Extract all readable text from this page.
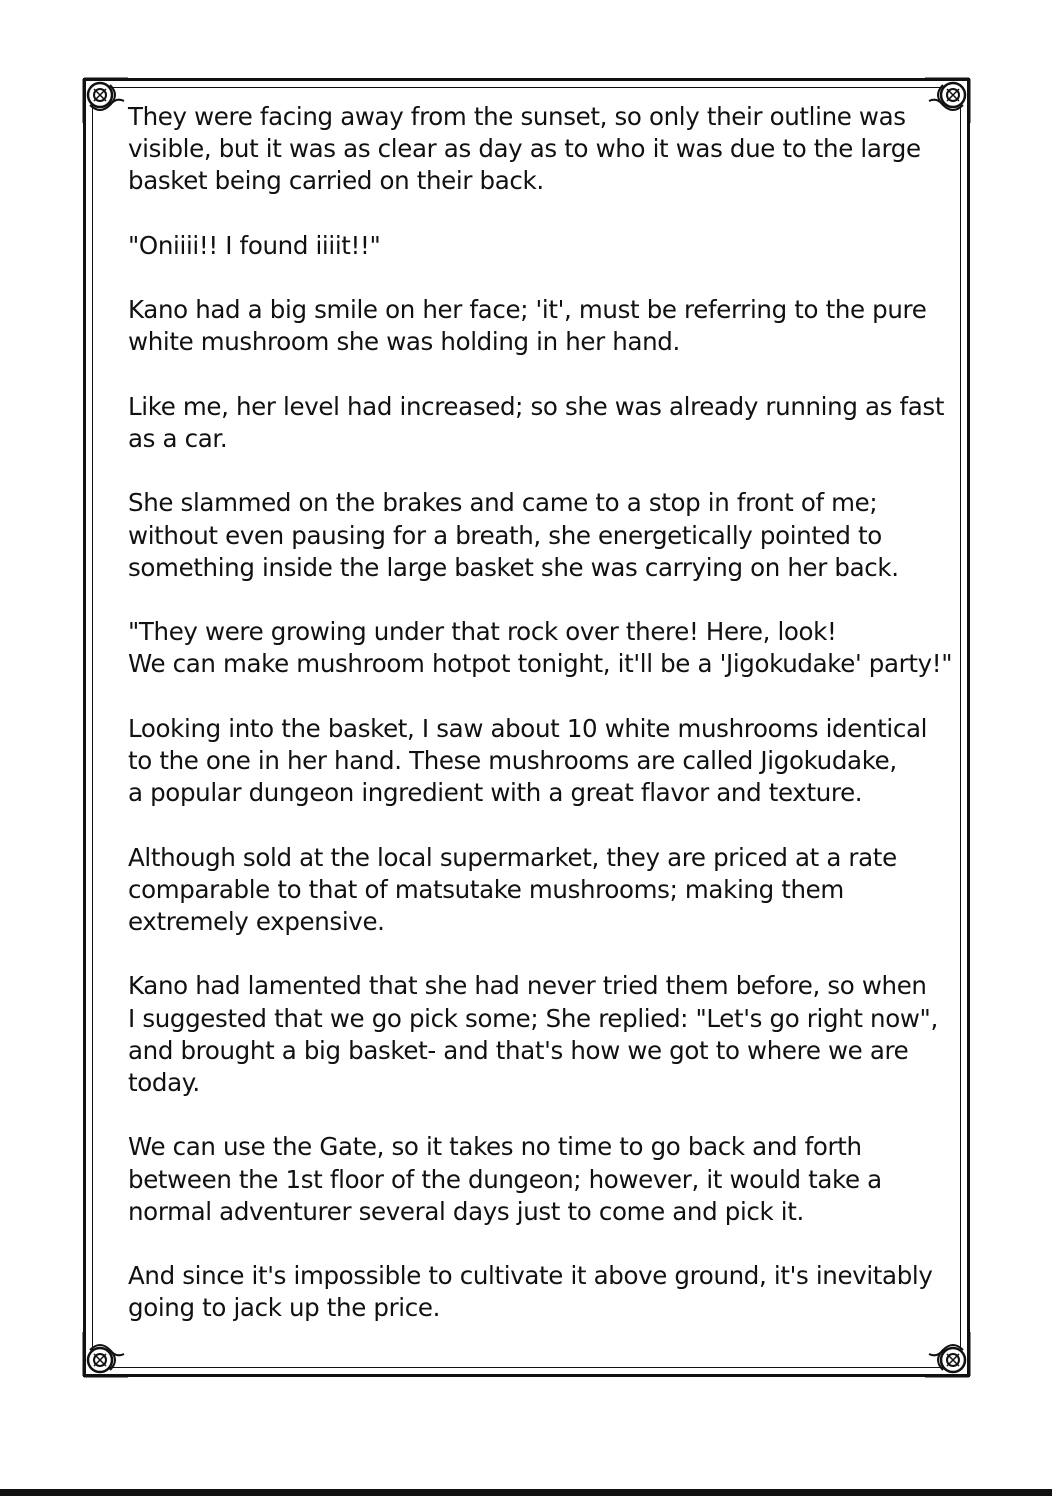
They were facing away from the sunset, so only their outline was
visible, but it was as clear as day as to who it was due to the large
basket being carried on their back.

"Oniiii!! I found iiiit!!"

Kano had a big smile on her face; 'it', must be referring to the pure
white mushroom she was holding in her hand.

Like me, her level had increased; so she was already running as fast
as a car.

She slammed on the brakes and came to a stop in front of me;
without even pausing for a breath, she energetically pointed to
something inside the large basket she was carrying on her back.

"They were growing under that rock over there! Here, look!
We can make mushroom hotpot tonight, it'll be a 'Jigokudake' party!"

Looking into the basket, I saw about 10 white mushrooms identical
to the one in her hand. These mushrooms are called Jigokudake,
a popular dungeon ingredient with a great flavor and texture.

Although sold at the local supermarket, they are priced at a rate
comparable to that of matsutake mushrooms; making them
extremely expensive.

Kano had lamented that she had never tried them before, so when
I suggested that we go pick some; She replied: "Let's go right now",
and brought a big basket- and that's how we got to where we are
today.

We can use the Gate, so it takes no time to go back and forth
between the 1st floor of the dungeon; however, it would take a
normal adventurer several days just to come and pick it.

And since it's impossible to cultivate it above ground, it's inevitably
going to jack up the price.
